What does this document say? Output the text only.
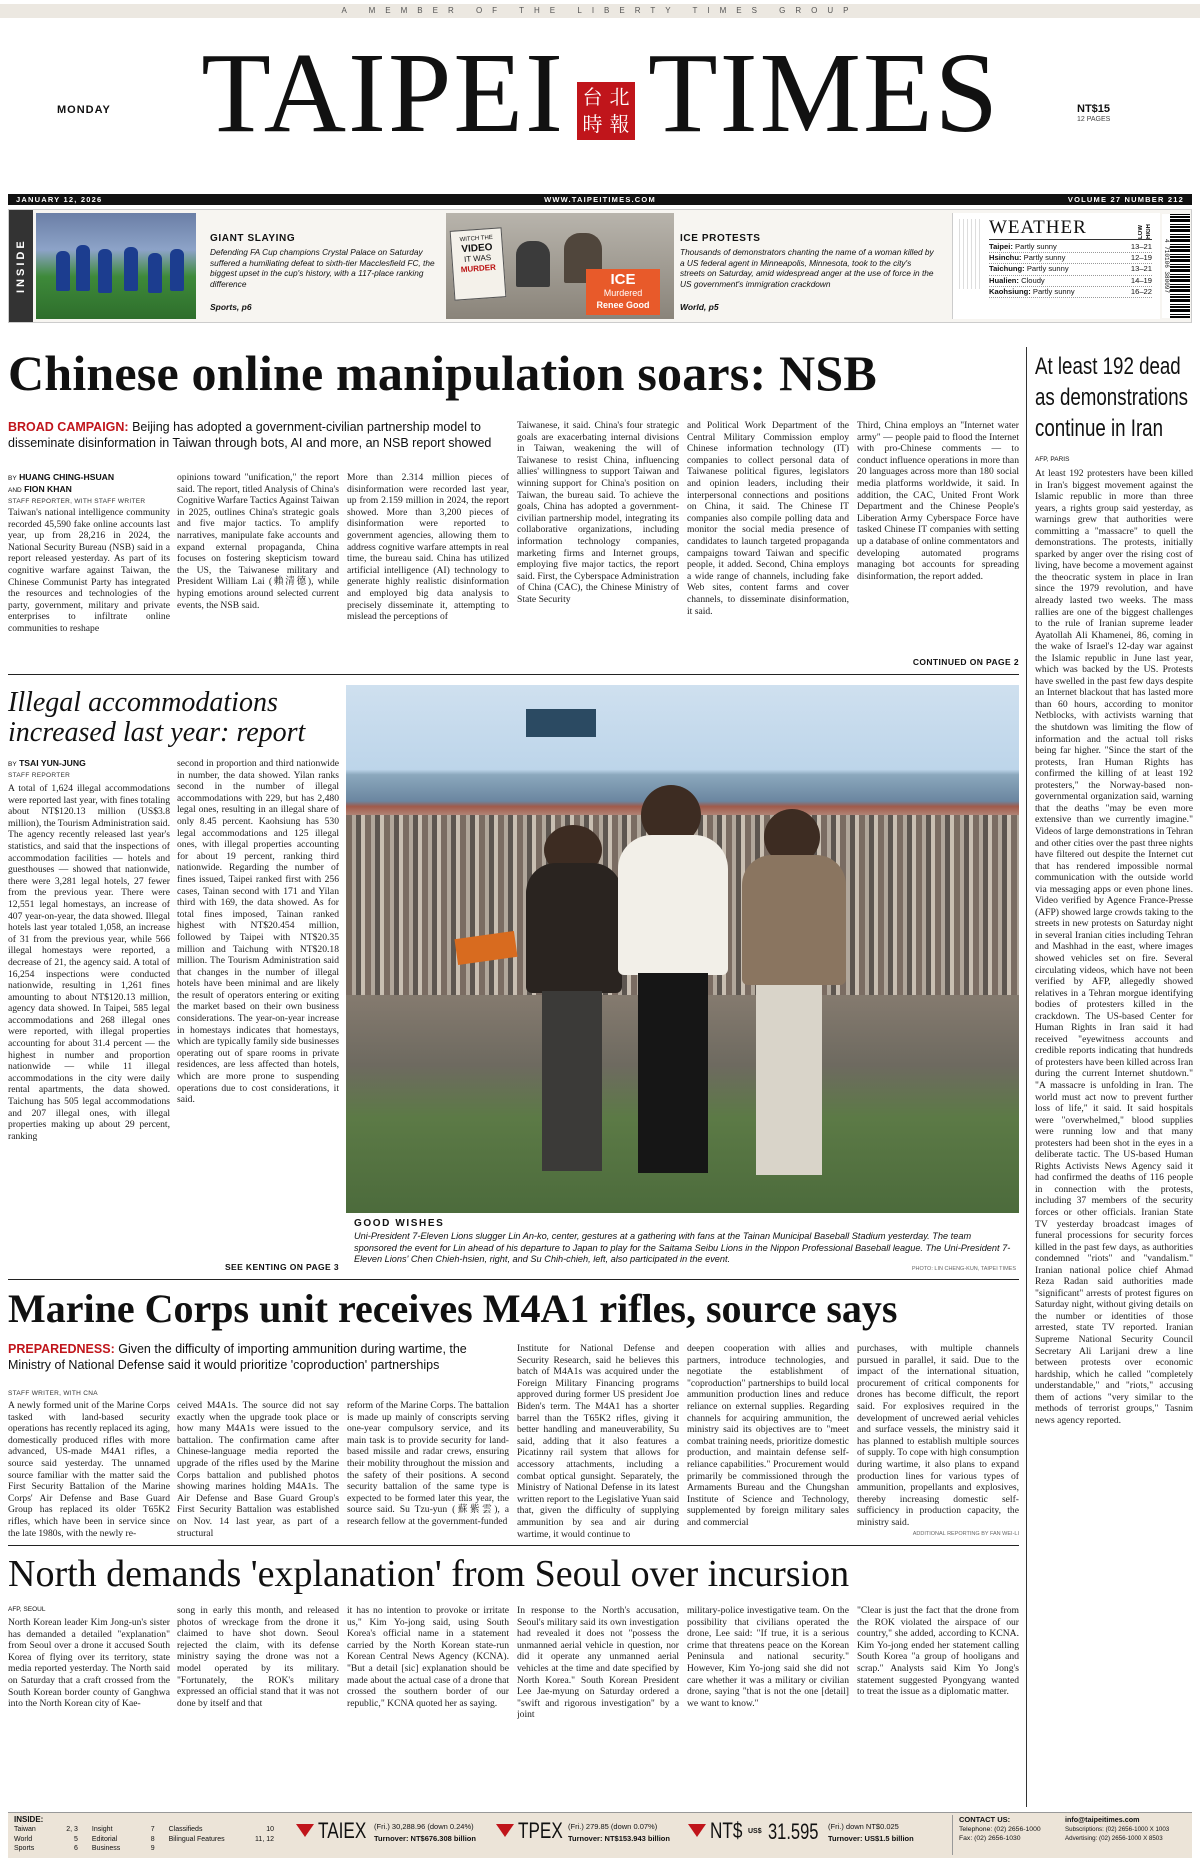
A MEMBER OF THE LIBERTY TIMES GROUP
MONDAY TAIPEI 台 北
時 報 TIMES	NT$15
12 PAGES
JANUARY 12, 2026	WWW.TAIPEITIMES.COM	VOLUME 27 NUMBER 212
INSIDE
GIANT SLAYING
Defending FA Cup champions Crystal Palace on Saturday suffered a humiliating defeat to sixth-tier Macclesfield FC, the biggest upset in the cup's history, with a 117-place ranking difference
Sports, p6
WITCH THE
VIDEO
IT WAS
MURDER
ICE
Murdered
Renee Good
ICE PROTESTS
Thousands of demonstrators chanting the name of a woman killed by a US federal agent in Minneapolis, Minnesota, took to the city's streets on Saturday, amid widespread anger at the use of force in the US government's immigration crackdown
World, p5
WEATHER	LOW HIGH
Taipei: Partly sunny	13–21
Hsinchu: Partly sunny	12–19
Taichung: Partly sunny	13–21
Hualien: Cloudy	14–19
Kaohsiung: Partly sunny	16–22 4 710106 380097
Chinese online manipulation soars: NSB
BROAD CAMPAIGN: Beijing has adopted a government-civilian partnership model to disseminate disinformation in Taiwan through bots, AI and more, an NSB report showed
BY HUANG CHING-HSUAN
AND FION KHAN
STAFF REPORTER, WITH STAFF WRITER

Taiwan's national intelligence community recorded 45,590 fake online accounts last year, up from 28,216 in 2024, the National Security Bureau (NSB) said in a report released yesterday. As part of its cognitive warfare against Taiwan, the Chinese Communist Party has integrated the resources and technologies of the party, government, military and private enterprises to infiltrate online communities to reshape

opinions toward "unification," the report said. The report, titled Analysis of China's Cognitive Warfare Tactics Against Taiwan in 2025, outlines China's strategic goals and five major tactics. To amplify narratives, manipulate fake accounts and expand external propaganda, China focuses on fostering skepticism toward the US, the Taiwanese military and President William Lai (賴清德), while hyping emotions around selected current events, the NSB said.

More than 2.314 million pieces of disinformation were recorded last year, up from 2.159 million in 2024, the report showed. More than 3,200 pieces of disinformation were reported to government agencies, allowing them to address cognitive warfare attempts in real time, the bureau said. China has utilized artificial intelligence (AI) technology to generate highly realistic disinformation and employed big data analysis to precisely disseminate it, attempting to mislead the perceptions of

Taiwanese, it said. China's four strategic goals are exacerbating internal divisions in Taiwan, weakening the will of Taiwanese to resist China, influencing allies' willingness to support Taiwan and winning support for China's position on Taiwan, the bureau said. To achieve the goals, China has adopted a government-civilian partnership model, integrating its collaborative organizations, including information technology companies, marketing firms and Internet groups, employing five major tactics, the report said. First, the Cyberspace Administration of China (CAC), the Chinese Ministry of State Security

and Political Work Department of the Central Military Commission employ Chinese information technology (IT) companies to collect personal data of Taiwanese political figures, legislators and opinion leaders, including their interpersonal connections and positions on China, it said. The Chinese IT companies also compile polling data and monitor the social media presence of candidates to launch targeted propaganda campaigns toward Taiwan and specific people, it added. Second, China employs a wide range of channels, including fake Web sites, content farms and cover channels, to disseminate disinformation, it said.

Third, China employs an "Internet water army" — people paid to flood the Internet with pro-Chinese comments — to conduct influence operations in more than 20 languages across more than 180 social media platforms worldwide, it said. In addition, the CAC, United Front Work Department and the Chinese People's Liberation Army Cyberspace Force have tasked Chinese IT companies with setting up a database of online commentators and developing automated programs managing bot accounts for spreading disinformation, the report added.

CONTINUED ON PAGE 2
At least 192 dead as demonstrations continue in Iran
AFP, PARIS

At least 192 protesters have been killed in Iran's biggest movement against the Islamic republic in more than three years, a rights group said yesterday, as warnings grew that authorities were committing a "massacre" to quell the demonstrations. The protests, initially sparked by anger over the rising cost of living, have become a movement against the theocratic system in place in Iran since the 1979 revolution, and have already lasted two weeks. The mass rallies are one of the biggest challenges to the rule of Iranian supreme leader Ayatollah Ali Khamenei, 86, coming in the wake of Israel's 12-day war against the Islamic republic in June last year, which was backed by the US. Protests have swelled in the past few days despite an Internet blackout that has lasted more than 60 hours, according to monitor Netblocks, with activists warning that the shutdown was limiting the flow of information and the actual toll risks being far higher. "Since the start of the protests, Iran Human Rights has confirmed the killing of at least 192 protesters," the Norway-based non-governmental organization said, warning that the deaths "may be even more extensive than we currently imagine." Videos of large demonstrations in Tehran and other cities over the past three nights have filtered out despite the Internet cut that has rendered impossible normal communication with the outside world via messaging apps or even phone lines. Video verified by Agence France-Presse (AFP) showed large crowds taking to the streets in new protests on Saturday night in several Iranian cities including Tehran and Mashhad in the east, where images showed vehicles set on fire. Several circulating videos, which have not been verified by AFP, allegedly showed relatives in a Tehran morgue identifying bodies of protesters killed in the crackdown. The US-based Center for Human Rights in Iran said it had received "eyewitness accounts and credible reports indicating that hundreds of protesters have been killed across Iran during the current Internet shutdown." "A massacre is unfolding in Iran. The world must act now to prevent further loss of life," it said. It said hospitals were "overwhelmed," blood supplies were running low and that many protesters had been shot in the eyes in a deliberate tactic. The US-based Human Rights Activists News Agency said it had confirmed the deaths of 116 people in connection with the protests, including 37 members of the security forces or other officials. Iranian State TV yesterday broadcast images of funeral processions for security forces killed in the past few days, as authorities condemned "riots" and "vandalism." Iranian national police chief Ahmad Reza Radan said authorities made "significant" arrests of protest figures on Saturday night, without giving details on the number or identities of those arrested, state TV reported. Iranian Supreme National Security Council Secretary Ali Larijani drew a line between protests over economic hardship, which he called "completely understandable," and "riots," accusing them of actions "very similar to the methods of terrorist groups," Tasnim news agency reported.

Illegal accommodations increased last year: report
BY TSAI YUN-JUNG
STAFF REPORTER

A total of 1,624 illegal accommodations were reported last year, with fines totaling about NT$120.13 million (US$3.8 million), the Tourism Administration said. The agency recently released last year's statistics, and said that the inspections of accommodation facilities — hotels and guesthouses — showed that nationwide, there were 3,281 legal hotels, 27 fewer from the previous year. There were 12,551 legal homestays, an increase of 407 year-on-year, the data showed. Illegal hotels last year totaled 1,058, an increase of 31 from the previous year, while 566 illegal homestays were reported, a decrease of 21, the agency said. A total of 16,254 inspections were conducted nationwide, resulting in 1,261 fines amounting to about NT$120.13 million, agency data showed. In Taipei, 585 legal accommodations and 268 illegal ones were reported, with illegal properties accounting for about 31.4 percent — the highest in number and proportion nationwide — while 11 illegal accommodations in the city were daily rental apartments, the data showed. Taichung has 505 legal accommodations and 207 illegal ones, with illegal properties making up about 29 percent, ranking

second in proportion and third nationwide in number, the data showed. Yilan ranks second in the number of illegal accommodations with 229, but has 2,480 legal ones, resulting in an illegal share of only 8.45 percent. Kaohsiung has 530 legal accommodations and 125 illegal ones, with illegal properties accounting for about 19 percent, ranking third nationwide. Regarding the number of fines issued, Taipei ranked first with 256 cases, Tainan second with 171 and Yilan third with 169, the data showed. As for total fines imposed, Tainan ranked highest with NT$20.454 million, followed by Taipei with NT$20.35 million and Taichung with NT$20.18 million. The Tourism Administration said that changes in the number of illegal hotels have been minimal and are likely the result of operators entering or exiting the market based on their own business considerations. The year-on-year increase in homestays indicates that homestays, which are typically family side businesses operating out of spare rooms in private residences, are less affected than hotels, which are more prone to suspending operations due to cost considerations, it said.

SEE KENTING ON PAGE 3
GOOD WISHES
Uni-President 7-Eleven Lions slugger Lin An-ko, center, gestures at a gathering with fans at the Tainan Municipal Baseball Stadium yesterday. The team sponsored the event for Lin ahead of his departure to Japan to play for the Saitama Seibu Lions in the Nippon Professional Baseball league. The Uni-President 7-Eleven Lions' Chen Chieh-hsien, right, and Su Chih-chieh, left, also participated in the event.
PHOTO: LIN CHENG-KUN, TAIPEI TIMES
Marine Corps unit receives M4A1 rifles, source says
PREPAREDNESS: Given the difficulty of importing ammunition during wartime, the Ministry of National Defense said it would prioritize 'coproduction' partnerships
STAFF WRITER, WITH CNA

A newly formed unit of the Marine Corps tasked with land-based security operations has recently replaced its aging, domestically produced rifles with more advanced, US-made M4A1 rifles, a source said yesterday. The unnamed source familiar with the matter said the First Security Battalion of the Marine Corps' Air Defense and Base Guard Group has replaced its older T65K2 rifles, which have been in service since the late 1980s, with the newly re-

ceived M4A1s. The source did not say exactly when the upgrade took place or how many M4A1s were issued to the battalion. The confirmation came after Chinese-language media reported the upgrade of the rifles used by the Marine Corps battalion and published photos showing marines holding M4A1s. The Air Defense and Base Guard Group's First Security Battalion was established on Nov. 14 last year, as part of a structural

reform of the Marine Corps. The battalion is made up mainly of conscripts serving one-year compulsory service, and its main task is to provide security for land-based missile and radar crews, ensuring their mobility throughout the mission and the safety of their positions. A second security battalion of the same type is expected to be formed later this year, the source said. Su Tzu-yun (蘇紫雲), a research fellow at the government-funded

Institute for National Defense and Security Research, said he believes this batch of M4A1s was acquired under the Foreign Military Financing programs approved during former US president Joe Biden's term. The M4A1 has a shorter barrel than the T65K2 rifles, giving it better handling and maneuverability, Su said, adding that it also features a Picatinny rail system that allows for accessory attachments, including a combat optical gunsight. Separately, the Ministry of National Defense in its latest written report to the Legislative Yuan said that, given the difficulty of supplying ammunition by sea and air during wartime, it would continue to

deepen cooperation with allies and partners, introduce technologies, and negotiate the establishment of "coproduction" partnerships to build local ammunition production lines and reduce reliance on external supplies. Regarding channels for acquiring ammunition, the ministry said its objectives are to "meet combat training needs, prioritize domestic production, and maintain defense self-reliance capabilities." Procurement would primarily be commissioned through the Armaments Bureau and the Chungshan Institute of Science and Technology, supplemented by foreign military sales and commercial

purchases, with multiple channels pursued in parallel, it said. Due to the impact of the international situation, procurement of critical components for drones has become difficult, the report said. For explosives required in the development of uncrewed aerial vehicles and surface vessels, the ministry said it has planned to establish multiple sources of supply. To cope with high consumption during wartime, it also plans to expand production lines for various types of ammunition, propellants and explosives, thereby increasing domestic self-sufficiency in production capacity, the ministry said.

ADDITIONAL REPORTING BY FAN WEI-LI
North demands 'explanation' from Seoul over incursion
AFP, SEOUL

North Korean leader Kim Jong-un's sister has demanded a detailed "explanation" from Seoul over a drone it accused South Korea of flying over its territory, state media reported yesterday. The North said on Saturday that a craft crossed from the South Korean border county of Ganghwa into the North Korean city of Kae-

song in early this month, and released photos of wreckage from the drone it claimed to have shot down. Seoul rejected the claim, with its defense ministry saying the drone was not a model operated by its military. "Fortunately, the ROK's military expressed an official stand that it was not done by itself and that

it has no intention to provoke or irritate us," Kim Yo-jong said, using South Korea's official name in a statement carried by the North Korean state-run Korean Central News Agency (KCNA). "But a detail [sic] explanation should be made about the actual case of a drone that crossed the southern border of our republic," KCNA quoted her as saying.

In response to the North's accusation, Seoul's military said its own investigation had revealed it does not "possess the unmanned aerial vehicle in question, nor did it operate any unmanned aerial vehicles at the time and date specified by North Korea." South Korean President Lee Jae-myung on Saturday ordered a "swift and rigorous investigation" by a joint

military-police investigative team. On the possibility that civilians operated the drone, Lee said: "If true, it is a serious crime that threatens peace on the Korean Peninsula and national security." However, Kim Yo-jong said she did not care whether it was a military or civilian drone, saying "that is not the one [detail] we want to know."

"Clear is just the fact that the drone from the ROK violated the airspace of our country," she added, according to KCNA. Kim Yo-jong ended her statement calling South Korea "a group of hooligans and scrap." Analysts said Kim Yo Jong's statement suggested Pyongyang wanted to treat the issue as a diplomatic matter.

INSIDE:
Taiwan	2, 3
World	5
Sports	6
Insight	7
Editorial	8
Business	9
Classifieds	10
Bilingual Features	11, 12 TAIEX (Fri.) 30,288.96 (down 0.24%)
Turnover: NT$676.308 billion TPEX (Fri.) 279.85 (down 0.07%)
Turnover: NT$153.943 billion NT$ US$ 31.595 (Fri.) down NT$0.025
Turnover: US$1.5 billion
CONTACT US:
Telephone: (02) 2656-1000
Fax: (02) 2656-1030
info@taipeitimes.com
Subscriptions: (02) 2656-1000 X 1003
Advertising: (02) 2656-1000 X 8503
